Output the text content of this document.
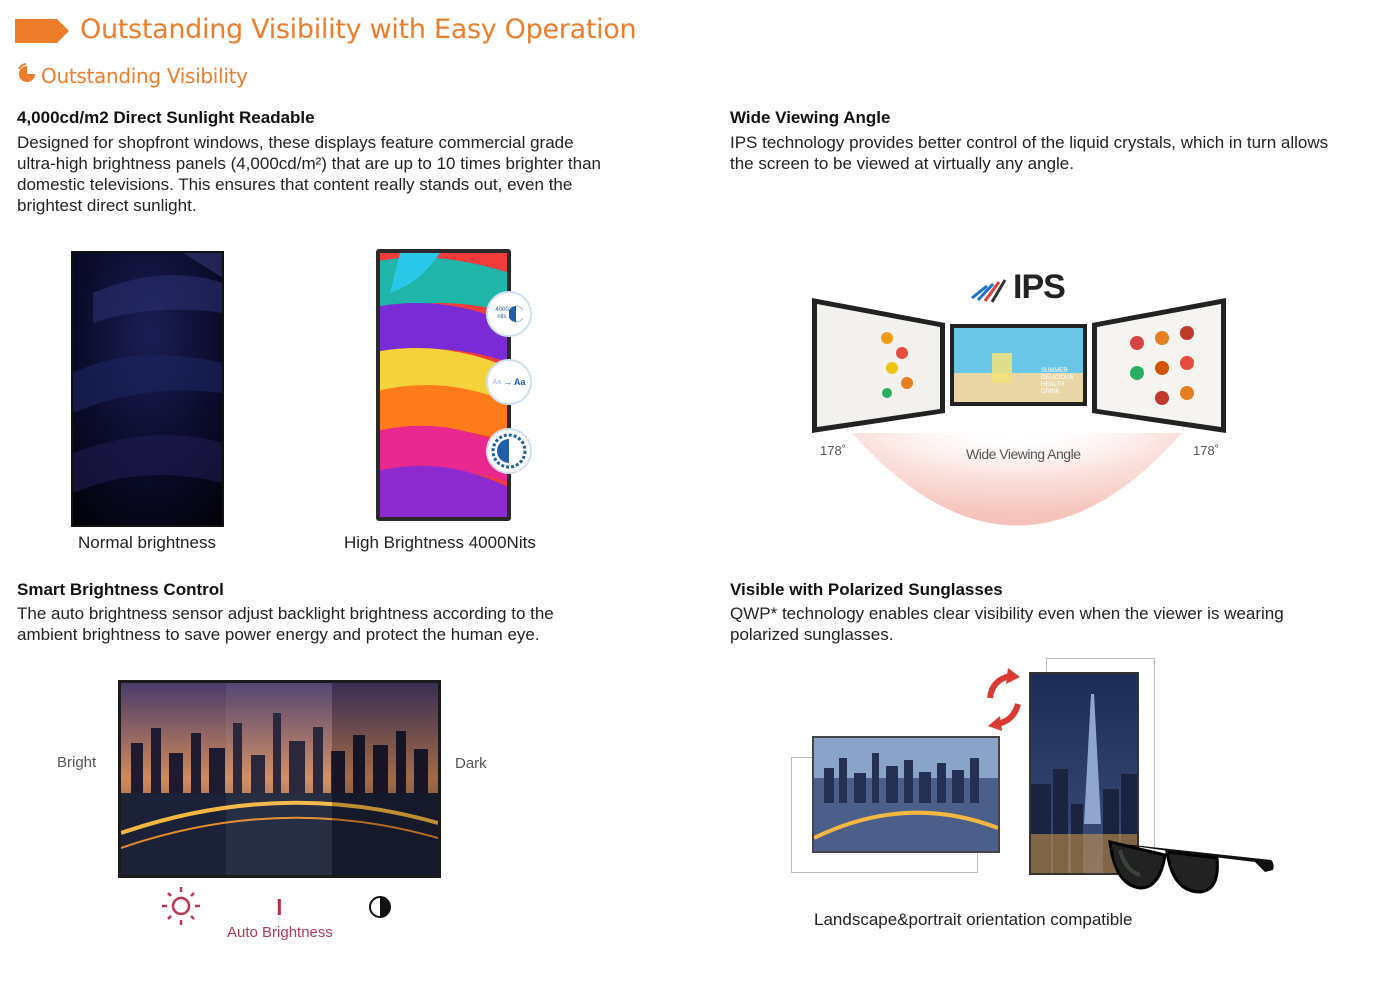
Outstanding Visibility with Easy Operation
Outstanding Visibility
4,000cd/m2 Direct Sunlight Readable
Designed for shopfront windows, these displays feature commercial grade
ultra-high brightness panels (4,000cd/m²) that are up to 10 times brighter than
domestic televisions. This ensures that content really stands out, even the
brightest direct sunlight.
Wide Viewing Angle
IPS technology provides better control of the liquid crystals, which in turn allows
the screen to be viewed at virtually any angle.
4000 nits
Aa → Aa
Normal brightness	High Brightness 4000Nits
IPS
SUMMER
DELICIOUS
HEALTH
DRINK
178˚	178˚
Wide Viewing Angle
Smart Brightness Control
The auto brightness sensor adjust backlight brightness according to the
ambient brightness to save power energy and protect the human eye.
Visible with Polarized Sunglasses
QWP* technology enables clear visibility even when the viewer is wearing
polarized sunglasses.
Bright	Dark
Auto Brightness
Landscape&portrait orientation compatible
